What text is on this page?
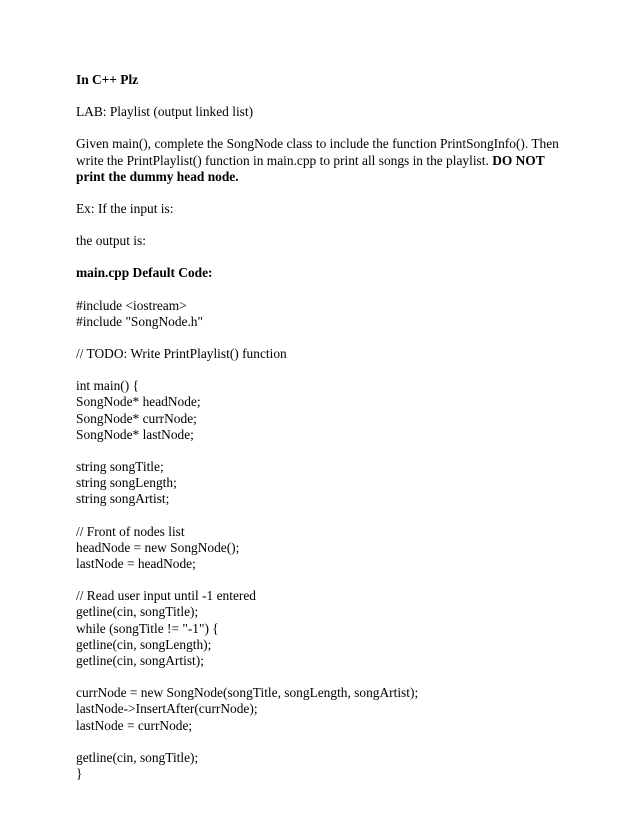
In C++ Plz
LAB: Playlist (output linked list)
Given main(), complete the SongNode class to include the function PrintSongInfo(). Then write the PrintPlaylist() function in main.cpp to print all songs in the playlist. DO NOT print the dummy head node.
Ex: If the input is:
the output is:
main.cpp Default Code:
#include <iostream>
#include "SongNode.h"
// TODO: Write PrintPlaylist() function
int main() {
SongNode* headNode;
SongNode* currNode;
SongNode* lastNode;
string songTitle;
string songLength;
string songArtist;
// Front of nodes list
headNode = new SongNode();
lastNode = headNode;
// Read user input until -1 entered
getline(cin, songTitle);
while (songTitle != "-1") {
getline(cin, songLength);
getline(cin, songArtist);
currNode = new SongNode(songTitle, songLength, songArtist);
lastNode->InsertAfter(currNode);
lastNode = currNode;
getline(cin, songTitle);
}
